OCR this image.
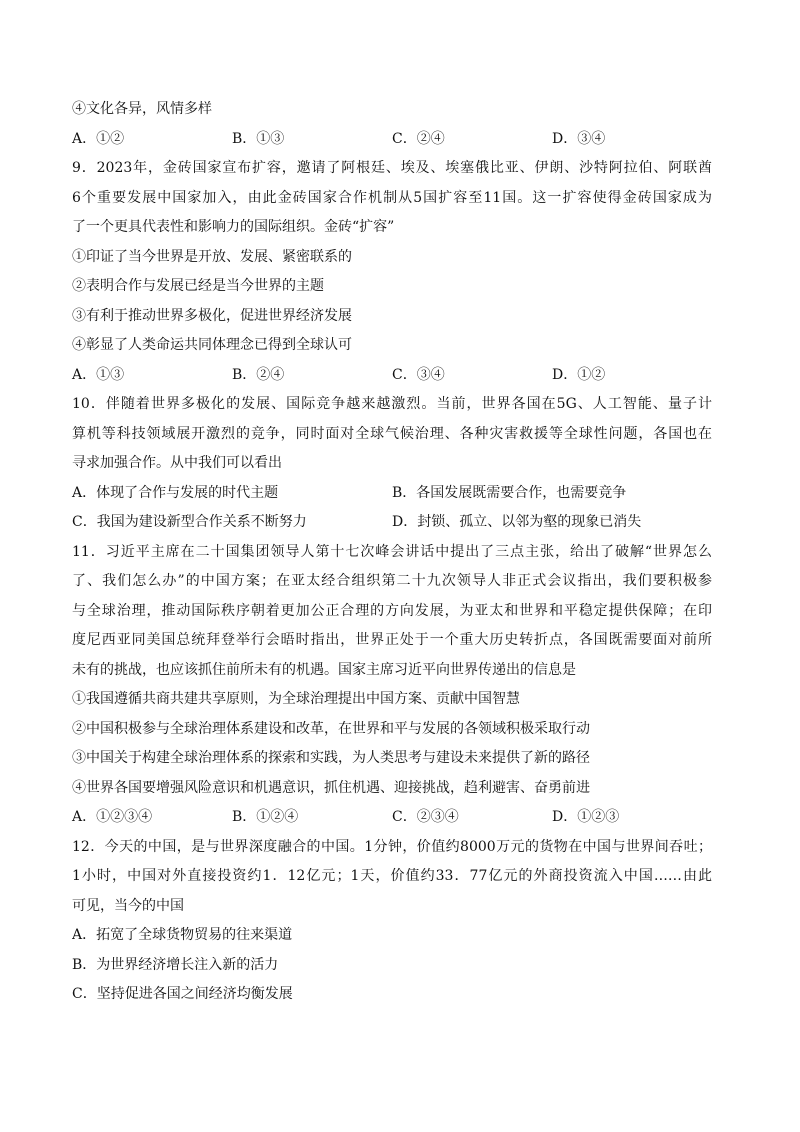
④文化各异，风情多样
A．①②	B．①③	C．②④	D．③④
9．2023年，金砖国家宣布扩容，邀请了阿根廷、埃及、埃塞俄比亚、伊朗、沙特阿拉伯、阿联酋
6个重要发展中国家加入，由此金砖国家合作机制从5国扩容至11国。这一扩容使得金砖国家成为
了一个更具代表性和影响力的国际组织。金砖“扩容”
①印证了当今世界是开放、发展、紧密联系的
②表明合作与发展已经是当今世界的主题
③有利于推动世界多极化，促进世界经济发展
④彰显了人类命运共同体理念已得到全球认可
A．①③	B．②④	C．③④	D．①②
10．伴随着世界多极化的发展、国际竞争越来越激烈。当前，世界各国在5G、人工智能、量子计
算机等科技领域展开激烈的竞争，同时面对全球气候治理、各种灾害救援等全球性问题，各国也在
寻求加强合作。从中我们可以看出
A．体现了合作与发展的时代主题	B．各国发展既需要合作，也需要竞争
C．我国为建设新型合作关系不断努力	D．封锁、孤立、以邻为壑的现象已消失
11．习近平主席在二十国集团领导人第十七次峰会讲话中提出了三点主张，给出了破解“世界怎么
了、我们怎么办”的中国方案；在亚太经合组织第二十九次领导人非正式会议指出，我们要积极参
与全球治理，推动国际秩序朝着更加公正合理的方向发展，为亚太和世界和平稳定提供保障；在印
度尼西亚同美国总统拜登举行会晤时指出，世界正处于一个重大历史转折点，各国既需要面对前所
未有的挑战，也应该抓住前所未有的机遇。国家主席习近平向世界传递出的信息是
①我国遵循共商共建共享原则，为全球治理提出中国方案、贡献中国智慧
②中国积极参与全球治理体系建设和改革，在世界和平与发展的各领域积极采取行动
③中国关于构建全球治理体系的探索和实践，为人类思考与建设未来提供了新的路径
④世界各国要增强风险意识和机遇意识，抓住机遇、迎接挑战，趋利避害、奋勇前进
A．①②③④	B．①②④	C．②③④	D．①②③
12．今天的中国，是与世界深度融合的中国。1分钟，价值约8000万元的货物在中国与世界间吞吐；
1小时，中国对外直接投资约1．12亿元；1天，价值约33．77亿元的外商投资流入中国……由此
可见，当今的中国
A．拓宽了全球货物贸易的往来渠道
B．为世界经济增长注入新的活力
C．坚持促进各国之间经济均衡发展
